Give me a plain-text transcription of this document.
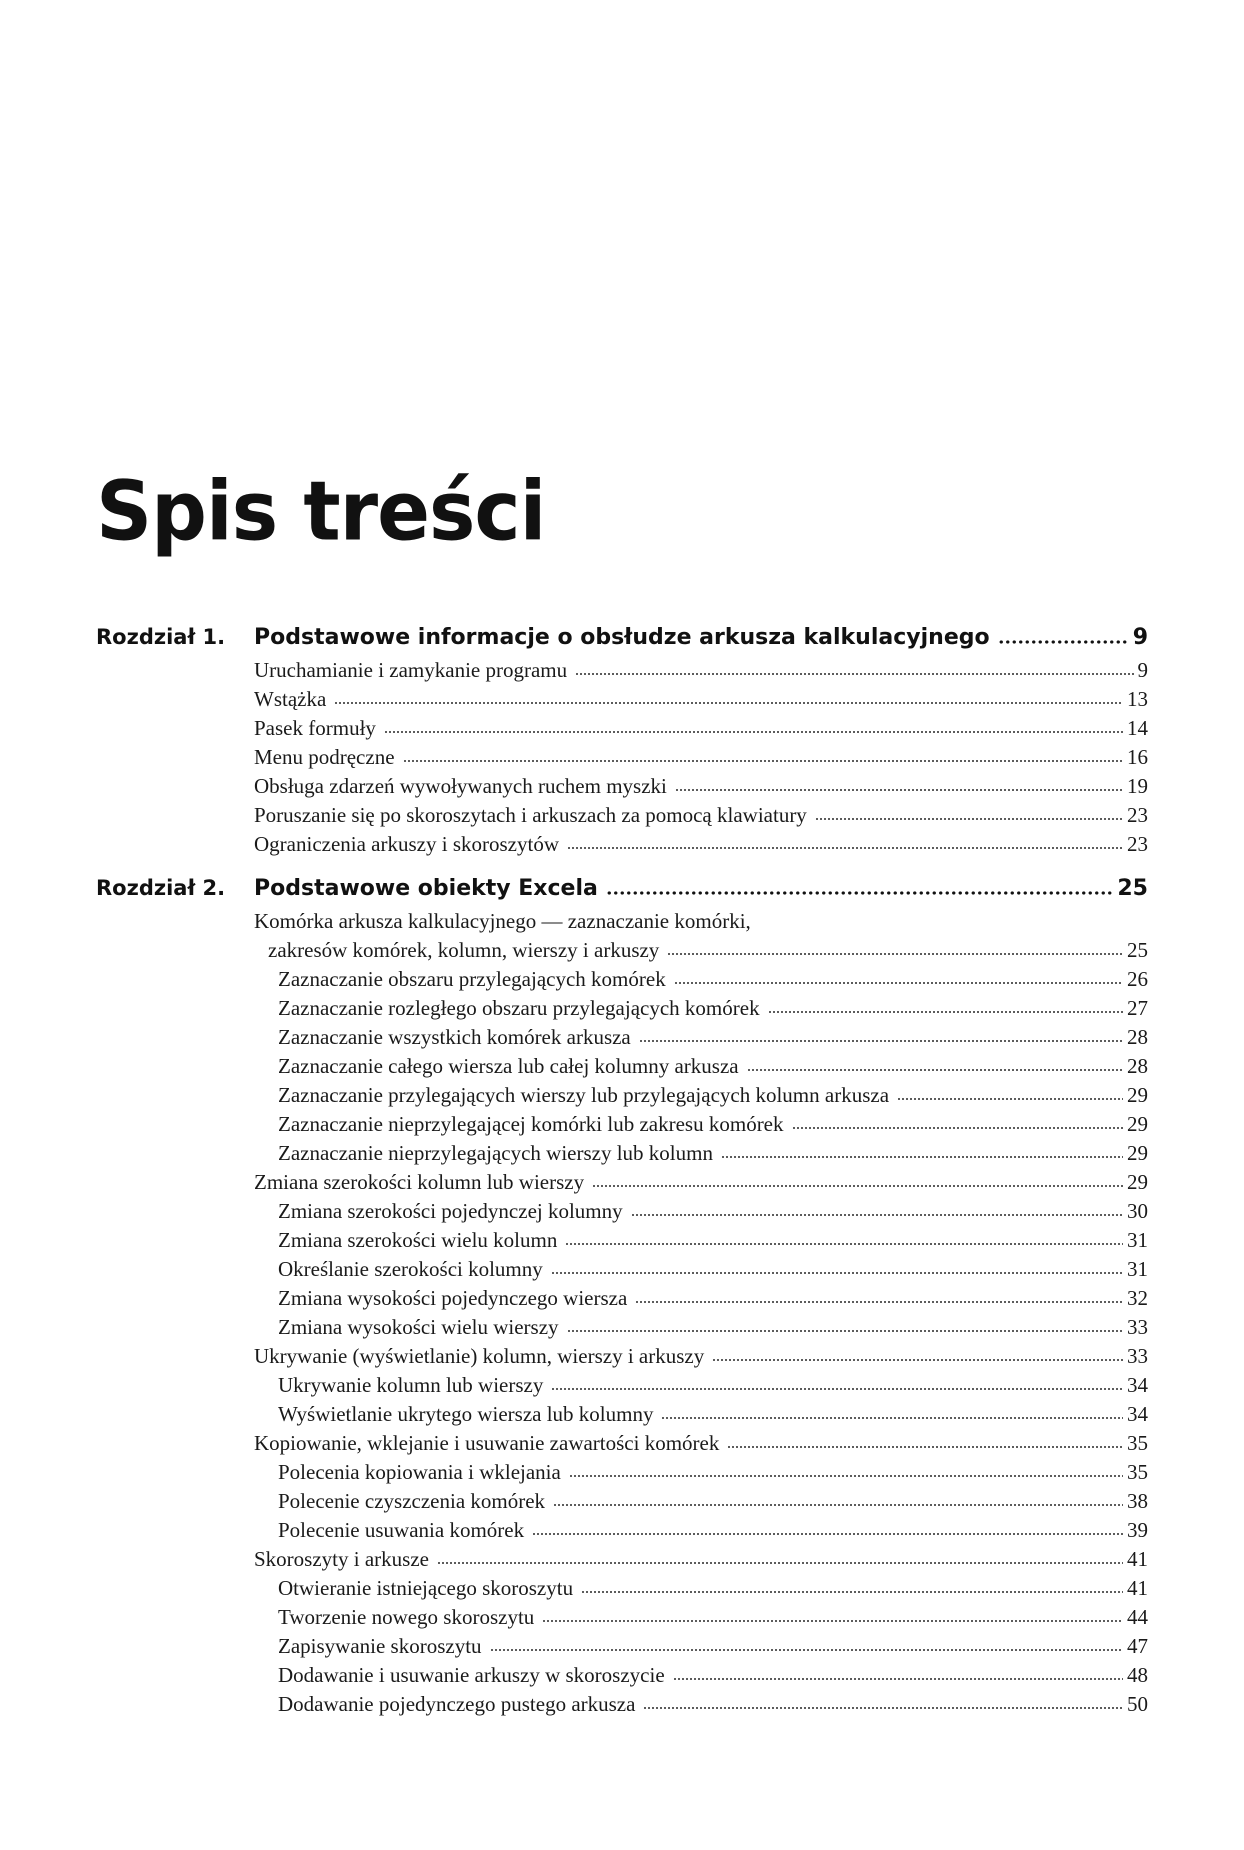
Spis treści
Rozdział 1.	Podstawowe informacje o obsłudze arkusza kalkulacyjnego	9
Uruchamianie i zamykanie programu	9
Wstążka	13
Pasek formuły	14
Menu podręczne	16
Obsługa zdarzeń wywoływanych ruchem myszki	19
Poruszanie się po skoroszytach i arkuszach za pomocą klawiatury	23
Ograniczenia arkuszy i skoroszytów	23
Rozdział 2.	Podstawowe obiekty Excela	25
Komórka arkusza kalkulacyjnego — zaznaczanie komórki,
zakresów komórek, kolumn, wierszy i arkuszy	25
Zaznaczanie obszaru przylegających komórek	26
Zaznaczanie rozległego obszaru przylegających komórek	27
Zaznaczanie wszystkich komórek arkusza	28
Zaznaczanie całego wiersza lub całej kolumny arkusza	28
Zaznaczanie przylegających wierszy lub przylegających kolumn arkusza	29
Zaznaczanie nieprzylegającej komórki lub zakresu komórek	29
Zaznaczanie nieprzylegających wierszy lub kolumn	29
Zmiana szerokości kolumn lub wierszy	29
Zmiana szerokości pojedynczej kolumny	30
Zmiana szerokości wielu kolumn	31
Określanie szerokości kolumny	31
Zmiana wysokości pojedynczego wiersza	32
Zmiana wysokości wielu wierszy	33
Ukrywanie (wyświetlanie) kolumn, wierszy i arkuszy	33
Ukrywanie kolumn lub wierszy	34
Wyświetlanie ukrytego wiersza lub kolumny	34
Kopiowanie, wklejanie i usuwanie zawartości komórek	35
Polecenia kopiowania i wklejania	35
Polecenie czyszczenia komórek	38
Polecenie usuwania komórek	39
Skoroszyty i arkusze	41
Otwieranie istniejącego skoroszytu	41
Tworzenie nowego skoroszytu	44
Zapisywanie skoroszytu	47
Dodawanie i usuwanie arkuszy w skoroszycie	48
Dodawanie pojedynczego pustego arkusza	50
